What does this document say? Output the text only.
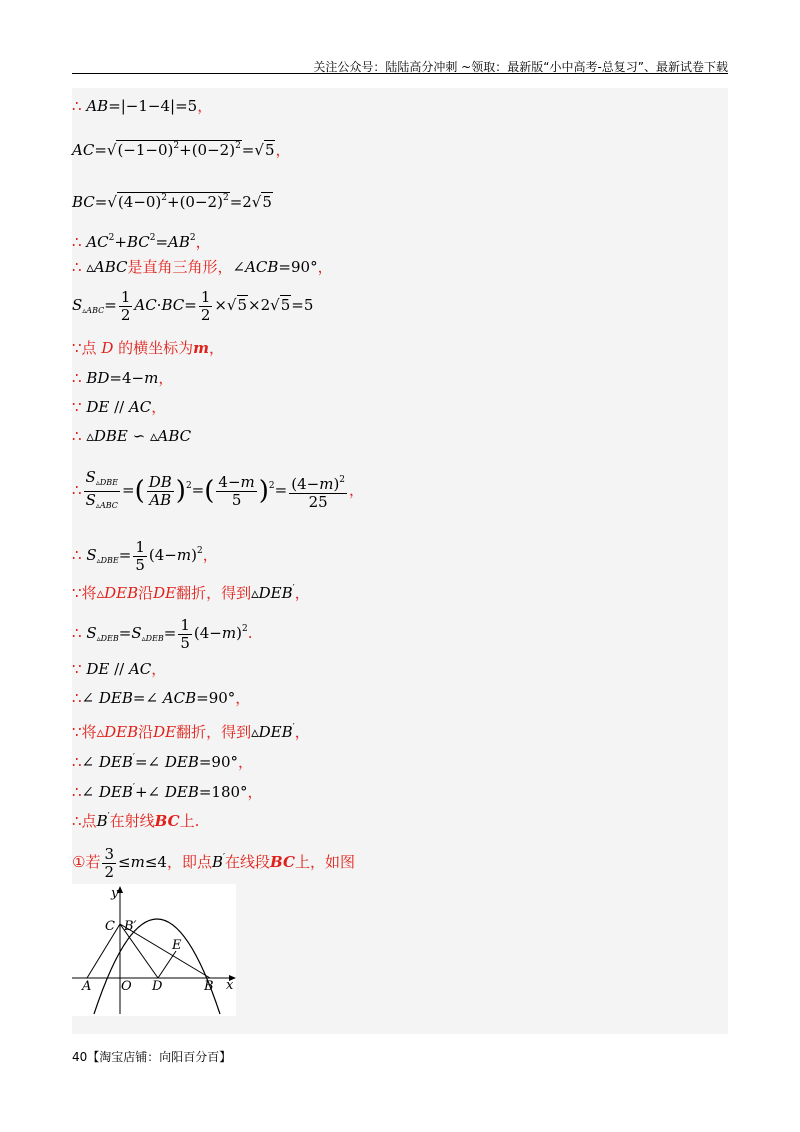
关注公众号：陆陆高分冲刺 ~领取：最新版“小中高考-总复习”、最新试卷下载
∴ AB=|−1−4|=5，
$AC=√(-1-0)^2+(0-2)^2=√5$，
$BC=√(4-0)^2+(0-2)^2=2√5$
∴ $AC^2+BC^2=AB^2$，
∴ ▵ABC是直角三角形，∠ACB=90°，
$S_{▵ABC}= \frac{1}{2} AC\cdot BC= \frac{1}{2} \times√5\times 2√5=5$
∵点 D 的横坐标为m，
∴ BD=4−m，
∵ DE // AC，
∴ ▵DBE ∽ ▵ABC
∴ $\frac{S_{▵DBE}}{S_{▵ABC}}$ =( $\frac{DB}{AB} )^2=( \frac{4-m}{5} )^2= \frac{(4-m)^2}{25}$ ，
∴ $S_{▵DBE}= \frac{1}{5} (4-m)^2$，
∵将▵DEB沿DE翻折，得到▵DEB′，
∴ $S_{▵DEB}=S_{▵DEB}= \frac{1}{5} (4-m)^2$.
∵ DE // AC，
∴∠ DEB=∠ ACB=90°，
∵将▵DEB沿DE翻折，得到▵DEB′，
∴∠ DEB′=∠ DEB=90°，
∴∠ DEB′+∠ DEB=180°，
∴点B′在射线BC上.
①若 $\frac{3}{2} \le m\le 4$，即点B′在线段BC上，如图
y
x
C B′
E
A O D	B
40【淘宝店铺：向阳百分百】
